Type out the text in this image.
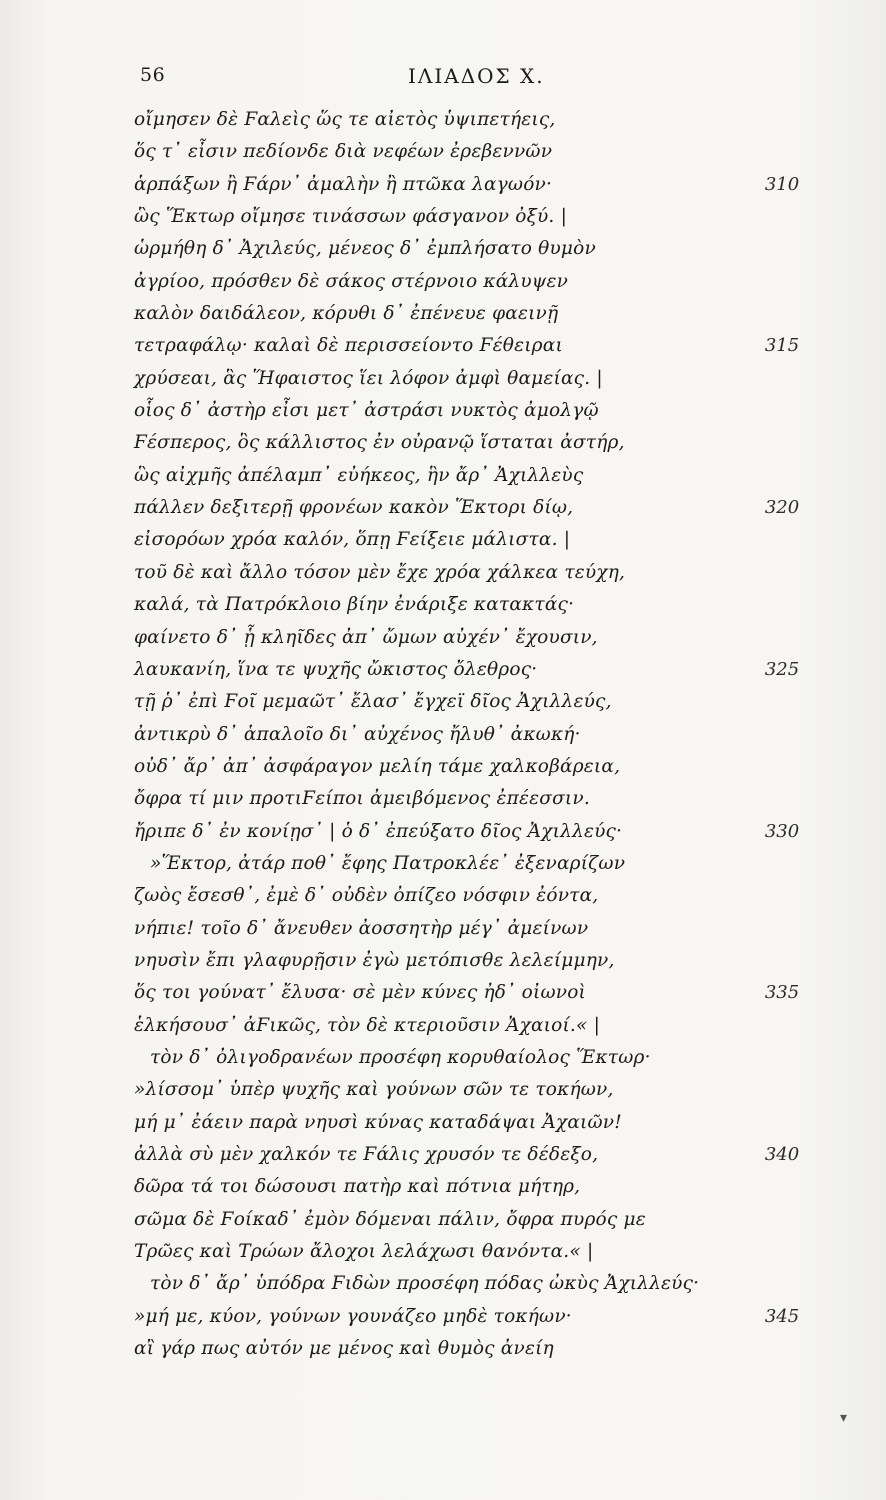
56	ΙΛΙΑΔΟΣ Χ.
οἴμησεν δὲ Ϝαλεὶς ὥς τε αἰετὸς ὑψιπετήεις,
ὅς τ᾿ εἶσιν πεδίονδε διὰ νεφέων ἐρεβεννῶν
ἁρπάξων ἢ Ϝάρν᾿ ἀμαλὴν ἢ πτῶκα λαγωόν·	310
ὣς Ἕκτωρ οἴμησε τινάσσων φάσγανον ὀξύ. |
ὡρμήθη δ᾿ Ἀχιλεύς, μένεος δ᾿ ἐμπλήσατο θυμὸν
ἀγρίοο, πρόσθεν δὲ σάκος στέρνοιο κάλυψεν
καλὸν δαιδάλεον, κόρυθι δ᾿ ἐπένευε φαεινῇ
τετραφάλῳ· καλαὶ δὲ περισσείοντο Ϝέθειραι	315
χρύσεαι, ἃς Ἥφαιστος ἵει λόφον ἀμφὶ θαμείας. |
οἷος δ᾿ ἀστὴρ εἶσι μετ᾿ ἀστράσι νυκτὸς ἀμολγῷ
Ϝέσπερος, ὃς κάλλιστος ἐν οὐρανῷ ἵσταται ἀστήρ,
ὣς αἰχμῆς ἀπέλαμπ᾿ εὐήκεος, ἣν ἄρ᾿ Ἀχιλλεὺς
πάλλεν δεξιτερῇ φρονέων κακὸν Ἕκτορι δίῳ,	320
εἰσορόων χρόα καλόν, ὅπῃ Ϝείξειε μάλιστα. |
τοῦ δὲ καὶ ἄλλο τόσον μὲν ἔχε χρόα χάλκεα τεύχη,
καλά, τὰ Πατρόκλοιο βίην ἐνάριξε κατακτάς·
φαίνετο δ᾿ ᾗ κληῖδες ἀπ᾿ ὤμων αὐχέν᾿ ἔχουσιν,
λαυκανίη, ἵνα τε ψυχῆς ὤκιστος ὄλεθρος·	325
τῇ ῥ᾿ ἐπὶ Ϝοῖ μεμαῶτ᾿ ἔλασ᾿ ἔγχεϊ δῖος Ἀχιλλεύς,
ἀντικρὺ δ᾿ ἁπαλοῖο δι᾿ αὐχένος ἤλυθ᾿ ἀκωκή·
οὐδ᾿ ἄρ᾿ ἀπ᾿ ἀσφάραγον μελίη τάμε χαλκοβάρεια,
ὄφρα τί μιν προτιϜείποι ἀμειβόμενος ἐπέεσσιν.
ἤριπε δ᾿ ἐν κονίῃσ᾿ | ὁ δ᾿ ἐπεύξατο δῖος Ἀχιλλεύς·	330
»Ἕκτορ, ἀτάρ ποθ᾿ ἔφης Πατροκλέε᾿ ἐξεναρίζων
ζωὸς ἔσεσθ᾿, ἐμὲ δ᾿ οὐδὲν ὀπίζεο νόσφιν ἐόντα,
νήπιε! τοῖο δ᾿ ἄνευθεν ἀοσσητὴρ μέγ᾿ ἀμείνων
νηυσὶν ἔπι γλαφυρῇσιν ἐγὼ μετόπισθε λελείμμην,
ὅς τοι γούνατ᾿ ἔλυσα· σὲ μὲν κύνες ἠδ᾿ οἰωνοὶ	335
ἑλκήσουσ᾿ ἀϜικῶς, τὸν δὲ κτεριοῦσιν Ἀχαιοί.« |
τὸν δ᾿ ὀλιγοδρανέων προσέφη κορυθαίολος Ἕκτωρ·
»λίσσομ᾿ ὑπὲρ ψυχῆς καὶ γούνων σῶν τε τοκήων,
μή μ᾿ ἐάειν παρὰ νηυσὶ κύνας καταδάψαι Ἀχαιῶν!
ἀλλὰ σὺ μὲν χαλκόν τε Ϝάλις χρυσόν τε δέδεξο,	340
δῶρα τά τοι δώσουσι πατὴρ καὶ πότνια μήτηρ,
σῶμα δὲ Ϝοίκαδ᾿ ἐμὸν δόμεναι πάλιν, ὄφρα πυρός με
Τρῶες καὶ Τρώων ἄλοχοι λελάχωσι θανόντα.« |
τὸν δ᾿ ἄρ᾿ ὑπόδρα Ϝιδὼν προσέφη πόδας ὠκὺς Ἀχιλλεύς·
»μή με, κύον, γούνων γουνάζεο μηδὲ τοκήων·	345
αἲ γάρ πως αὐτόν με μένος καὶ θυμὸς ἀνείη
▾
